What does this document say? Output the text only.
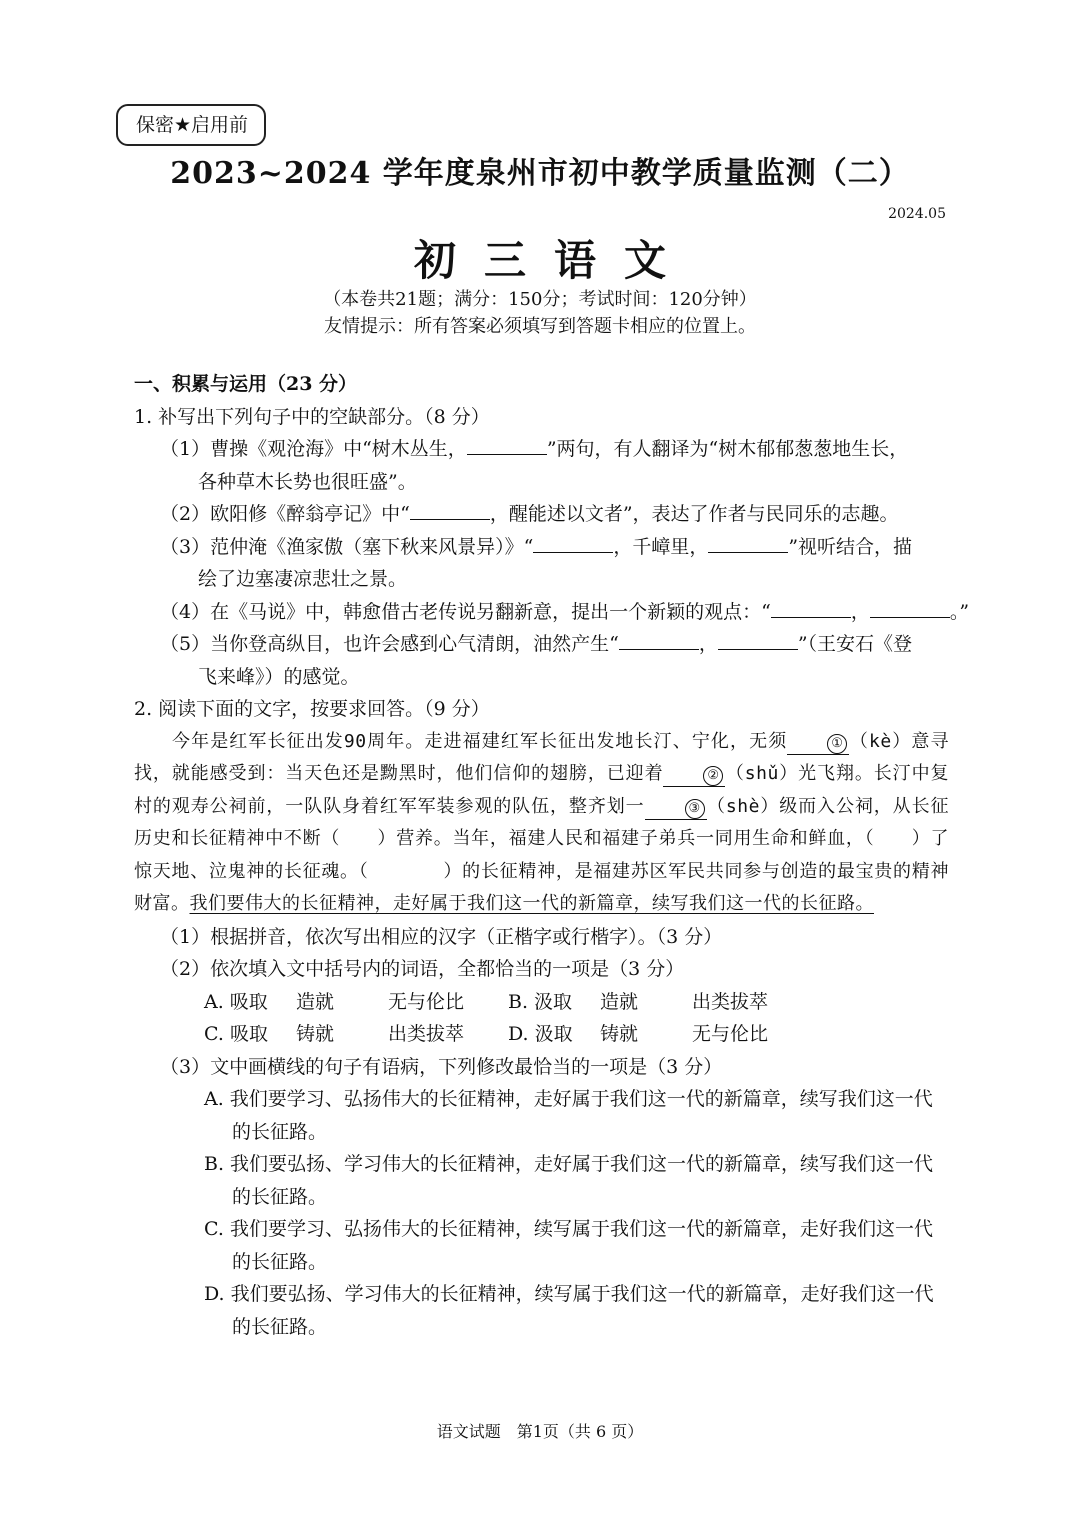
保密★启用前
2023~2024 学年度泉州市初中教学质量监测（二）
2024.05
初三语文
（本卷共21题；满分：150分；考试时间：120分钟）
友情提示：所有答案必须填写到答题卡相应的位置上。
一、积累与运用（23 分）
1. 补写出下列句子中的空缺部分。（8 分）
（1）曹操《观沧海》中“树木丛生，	”两句，有人翻译为“树木郁郁葱葱地生长，
各种草木长势也很旺盛”。
（2）欧阳修《醉翁亭记》中“	，醒能述以文者”，表达了作者与民同乐的志趣。
（3）范仲淹《渔家傲（塞下秋来风景异）》“	，千嶂里，	”视听结合，描
绘了边塞凄凉悲壮之景。
（4）在《马说》中，韩愈借古老传说另翻新意，提出一个新颖的观点：“	，	。”
（5）当你登高纵目，也许会感到心气清朗，油然产生“	，	”（王安石《登
飞来峰》）的感觉。
2. 阅读下面的文字，按要求回答。（9 分）
今年是红军长征出发90周年。走进福建红军长征出发地长汀、宁化，无须	① （kè）意寻找，就能感受到：当天色还是黝黑时，他们信仰的翅膀，已迎着	② （shǔ）光飞翔。长汀中复村的观寿公祠前，一队队身着红军军装参观的队伍，整齐划一	③ （shè）级而入公祠，从长征历史和长征精神中不断（　　）营养。当年，福建人民和福建子弟兵一同用生命和鲜血，（　　）了惊天地、泣鬼神的长征魂。（　　　　）的长征精神，是福建苏区军民共同参与创造的最宝贵的精神财富。我们要伟大的长征精神，走好属于我们这一代的新篇章，续写我们这一代的长征路。
（1）根据拼音，依次写出相应的汉字（正楷字或行楷字）。（3 分）
（2）依次填入文中括号内的词语，全都恰当的一项是（3 分）
A. 吸取	造就	无与伦比	B. 汲取	造就	出类拔萃
C. 吸取	铸就	出类拔萃	D. 汲取	铸就	无与伦比
（3）文中画横线的句子有语病，下列修改最恰当的一项是（3 分）
A. 我们要学习、弘扬伟大的长征精神，走好属于我们这一代的新篇章，续写我们这一代的长征路。
B. 我们要弘扬、学习伟大的长征精神，走好属于我们这一代的新篇章，续写我们这一代的长征路。
C. 我们要学习、弘扬伟大的长征精神，续写属于我们这一代的新篇章，走好我们这一代的长征路。
D. 我们要弘扬、学习伟大的长征精神，续写属于我们这一代的新篇章，走好我们这一代的长征路。
语文试题　第1页（共 6 页）
